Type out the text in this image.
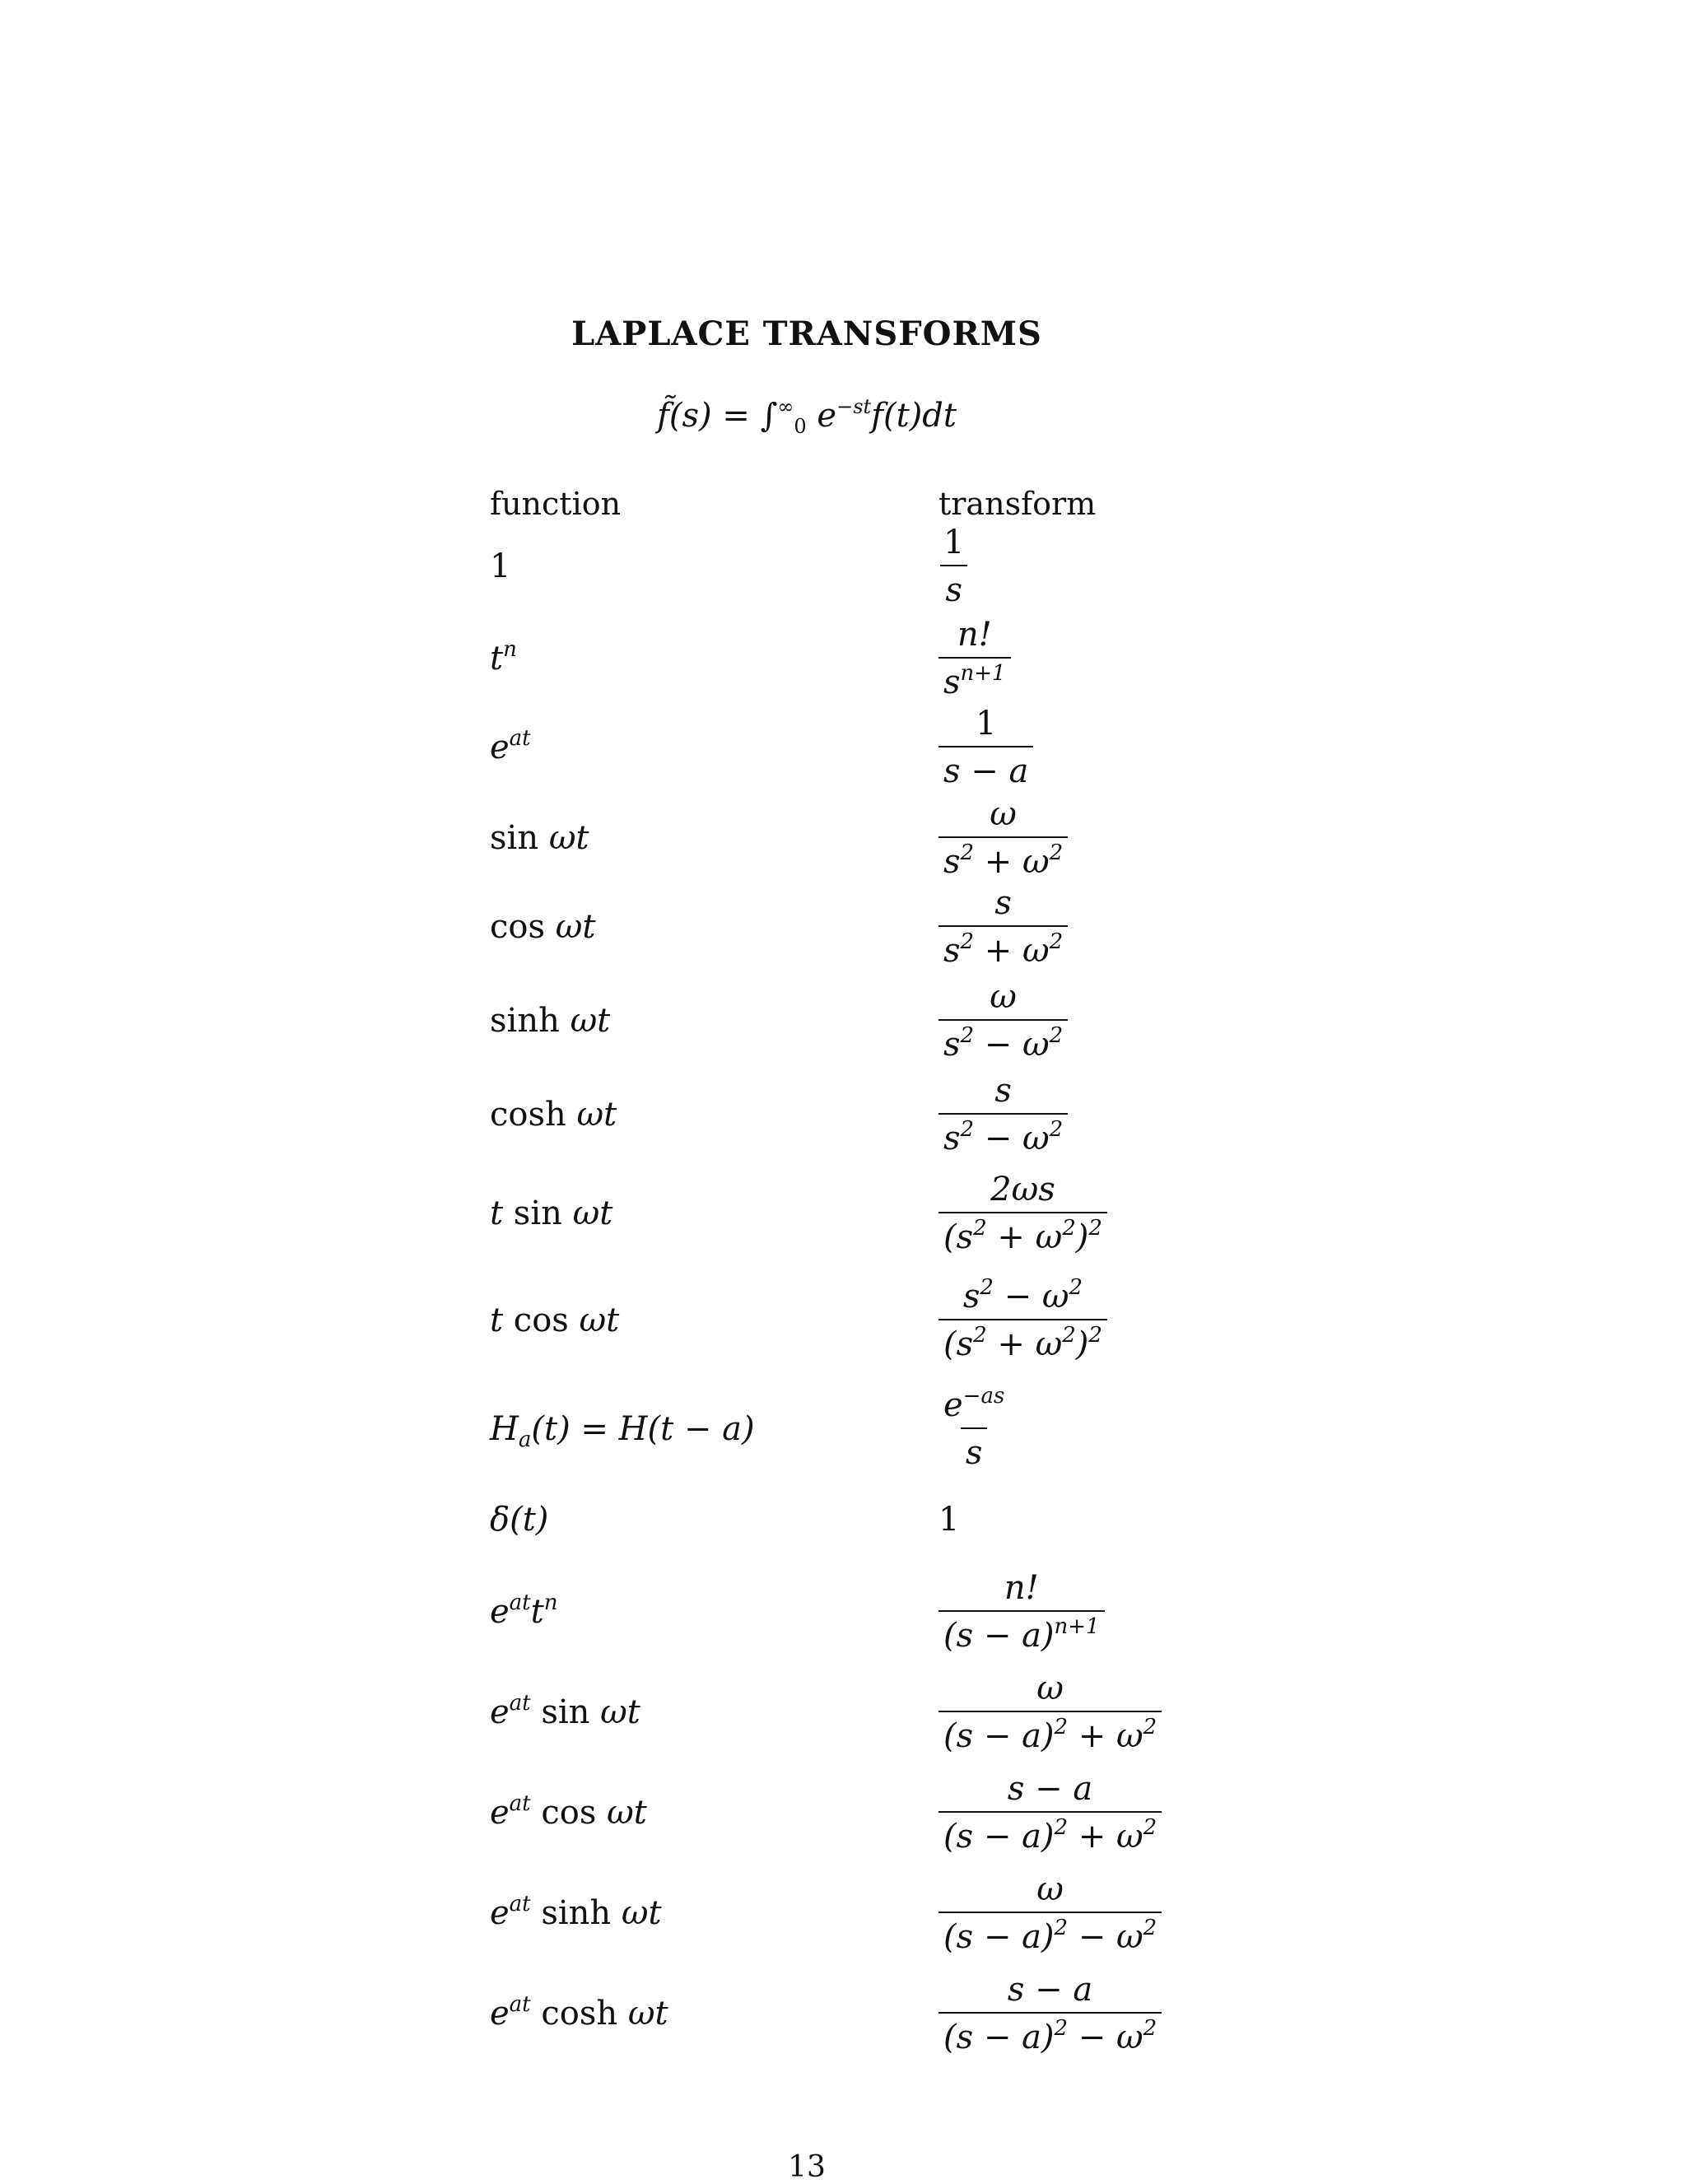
LAPLACE TRANSFORMS
f̃(s) = $\int^\infty_0$ $e^{-st}f(t)dt$
function	transform
1	$\frac{1}{s}$
$t^n$	$\frac{n!}{s^{n+1}}$
$e^{at}$	$\frac{1}{s - a}$
sin ωt	$\frac{\omega}{s^2 + \omega^2}$
cos ωt	$\frac{s}{s^2 + \omega^2}$
sinh ωt	$\frac{\omega}{s^2 - \omega^2}$
cosh ωt	$\frac{s}{s^2 - \omega^2}$
t sin ωt	$\frac{2\omega s}{(s^2 + \omega^2)^2}$
t cos ωt	$\frac{s^2 - \omega^2}{(s^2 + \omega^2)^2}$
$H_a(t) = H(t - a)$	$\frac{e^{-as}}{s}$
δ(t)	1
$e^{at}t^n$	$\frac{n!}{(s - a)^{n+1}}$
$e^{at}$ sin ωt	$\frac{\omega}{(s - a)^2 + \omega^2}$
$e^{at}$ cos ωt	$\frac{s - a}{(s - a)^2 + \omega^2}$
$e^{at}$ sinh ωt	$\frac{\omega}{(s - a)^2 - \omega^2}$
$e^{at}$ cosh ωt	$\frac{s - a}{(s - a)^2 - \omega^2}$
13
